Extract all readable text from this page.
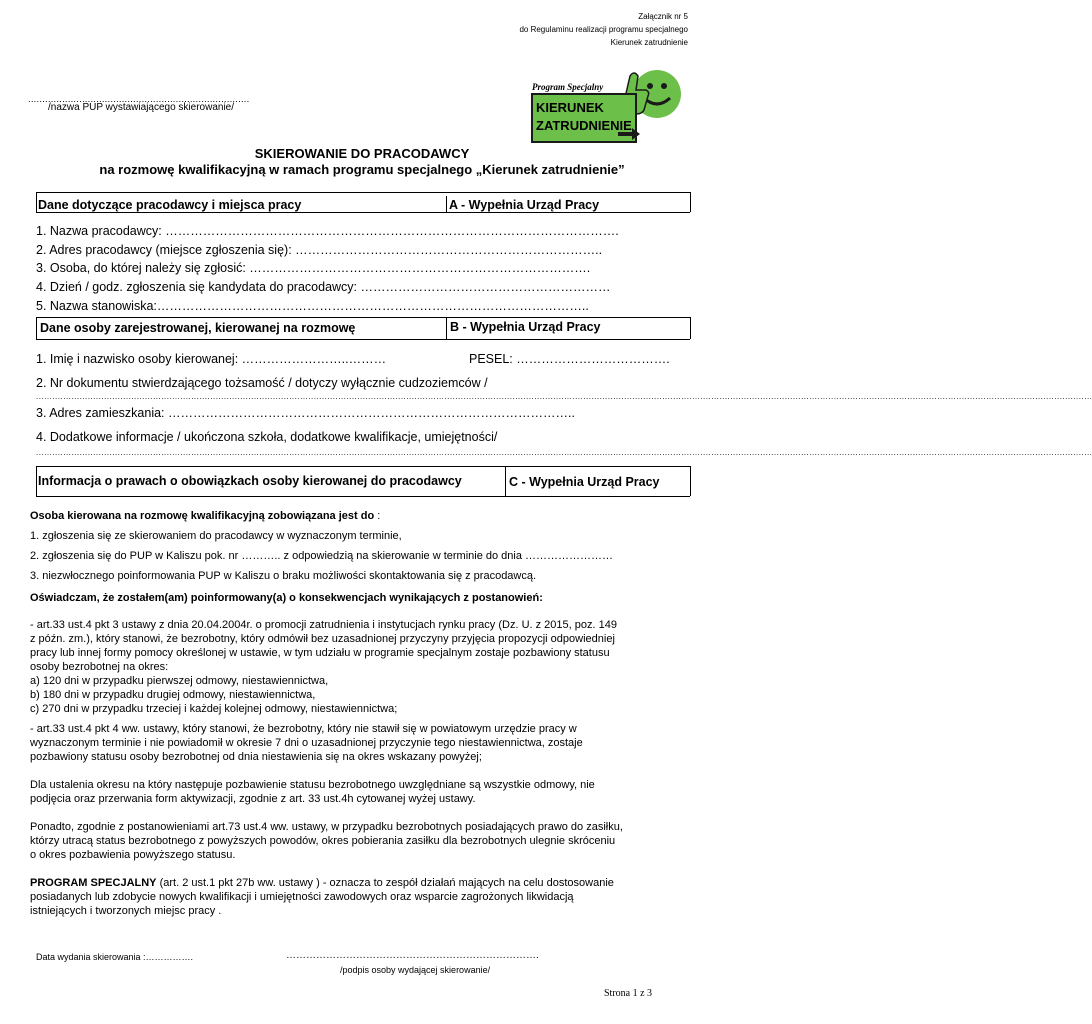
Załącznik nr 5
do Regulaminu realizacji programu specjalnego
Kierunek zatrudnienie
..............................................................................
/nazwa PUP wystawiającego skierowanie/
Program Specjalny
KIERUNEK
ZATRUDNIENIE
SKIEROWANIE DO PRACODAWCY
na rozmowę kwalifikacyjną w ramach programu specjalnego „Kierunek zatrudnienie”
Dane dotyczące pracodawcy i miejsca pracy	A - Wypełnia Urząd Pracy
1. Nazwa pracodawcy: ……………………………………………………………………………………………….
2. Adres pracodawcy (miejsce zgłoszenia się): ………………………………………………………………..
3. Osoba, do której należy się zgłosić: ……………………………………………………………………….
4. Dzień / godz. zgłoszenia się kandydata do pracodawcy: ……………………………………………………
5. Nazwa stanowiska:…………………………………………………………………………………………..
Dane osoby zarejestrowanej, kierowanej na rozmowę	B - Wypełnia Urząd Pracy
1. Imię i nazwisko osoby kierowanej: ……………………..………	PESEL: ……………………………….
2. Nr dokumentu stwierdzającego tożsamość / dotyczy wyłącznie cudzoziemców /
....................................................................................................................................................................................................................................................................................................................................................................................................
3. Adres zamieszkania: ……………………………………………………………………………………..
4. Dodatkowe informacje / ukończona szkoła, dodatkowe kwalifikacje, umiejętności/
....................................................................................................................................................................................................................................................................................................................................................................................................
Informacja o prawach o obowiązkach osoby kierowanej do pracodawcy	C - Wypełnia Urząd Pracy
Osoba kierowana na rozmowę kwalifikacyjną zobowiązana jest do :
1. zgłoszenia się ze skierowaniem do pracodawcy w wyznaczonym terminie,
2. zgłoszenia się do PUP w Kaliszu pok. nr ……….. z odpowiedzią na skierowanie w terminie do dnia ……………………
3. niezwłocznego poinformowania PUP w Kaliszu o braku możliwości skontaktowania się z pracodawcą.
Oświadczam, że zostałem(am) poinformowany(a) o konsekwencjach wynikających z postanowień:
- art.33 ust.4 pkt 3 ustawy z dnia 20.04.2004r. o promocji zatrudnienia i instytucjach rynku pracy (Dz. U. z 2015, poz. 149
z późn. zm.), który stanowi, że bezrobotny, który odmówił bez uzasadnionej przyczyny przyjęcia propozycji odpowiedniej
pracy lub innej formy pomocy określonej w ustawie, w tym udziału w programie specjalnym zostaje pozbawiony statusu
osoby bezrobotnej na okres:
a) 120 dni w przypadku pierwszej odmowy, niestawiennictwa,
b) 180 dni w przypadku drugiej odmowy, niestawiennictwa,
c) 270 dni w przypadku trzeciej i każdej kolejnej odmowy, niestawiennictwa;
- art.33 ust.4 pkt 4 ww. ustawy, który stanowi, że bezrobotny, który nie stawił się w powiatowym urzędzie pracy w
wyznaczonym terminie i nie powiadomił w okresie 7 dni o uzasadnionej przyczynie tego niestawiennictwa, zostaje
pozbawiony statusu osoby bezrobotnej od dnia niestawienia się na okres wskazany powyżej;
Dla ustalenia okresu na który następuje pozbawienie statusu bezrobotnego uwzględniane są wszystkie odmowy, nie
podjęcia oraz przerwania form aktywizacji, zgodnie z art. 33 ust.4h cytowanej wyżej ustawy.
Ponadto, zgodnie z postanowieniami art.73 ust.4 ww. ustawy, w przypadku bezrobotnych posiadających prawo do zasiłku,
którzy utracą status bezrobotnego z powyższych powodów, okres pobierania zasiłku dla bezrobotnych ulegnie skróceniu
o okres pozbawienia powyższego statusu.
PROGRAM SPECJALNY (art. 2 ust.1 pkt 27b ww. ustawy ) - oznacza to zespół działań mających na celu dostosowanie
posiadanych lub zdobycie nowych kwalifikacji i umiejętności zawodowych oraz wsparcie zagrożonych likwidacją
istniejących i tworzonych miejsc pracy .
Data wydania skierowania :…………….	………………………………………………………………….
/podpis osoby wydającej skierowanie/
Strona 1 z 3
